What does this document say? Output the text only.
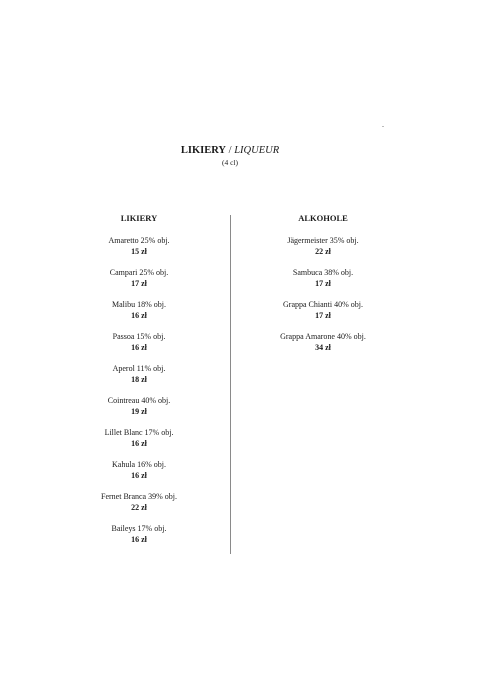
LIKIERY / LIQUEUR
(4 cl)
LIKIERY
Amaretto 25% obj.
15 zł
Campari 25% obj.
17 zł
Malibu 18% obj.
16 zł
Passoa 15% obj.
16 zł
Aperol 11% obj.
18 zł
Cointreau 40% obj.
19 zł
Lillet Blanc 17% obj.
16 zł
Kahula 16% obj.
16 zł
Fernet Branca 39% obj.
22 zł
Baileys 17% obj.
16 zł
ALKOHOLE
Jägermeister 35% obj.
22 zł
Sambuca 38% obj.
17 zł
Grappa Chianti 40% obj.
17 zł
Grappa Amarone 40% obj.
34 zł
